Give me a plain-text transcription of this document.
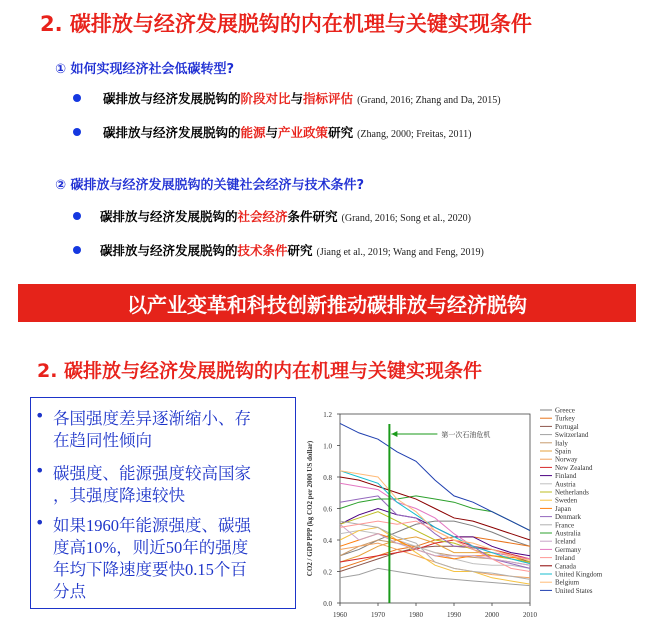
2. 碳排放与经济发展脱钩的内在机理与关键实现条件
① 如何实现经济社会低碳转型?
碳排放与经济发展脱钩的阶段对比与指标评估 (Grand, 2016; Zhang and Da, 2015)
碳排放与经济发展脱钩的能源与产业政策研究 (Zhang, 2000; Freitas, 2011)
② 碳排放与经济发展脱钩的关键社会经济与技术条件?
碳排放与经济发展脱钩的社会经济条件研究 (Grand, 2016; Song et al., 2020)
碳排放与经济发展脱钩的技术条件研究 (Jiang et al., 2019; Wang and Feng, 2019)
以产业变革和科技创新推动碳排放与经济脱钩
2. 碳排放与经济发展脱钩的内在机理与关键实现条件
• 各国强度差异逐渐缩小、存
在趋同性倾向
• 碳强度、能源强度较高国家
，其强度降速较快
• 如果1960年能源强度、碳强
度高10%，则近50年的强度
年均下降速度要快0.15个百
分点
0.0
0.2
0.4
0.6
0.8
1.0
1.2
1960	1970	1980	1990	2000	2010
CO2 / GDP PPP (kg CO2 per 2000 US dollar)
第一次石油危机
Greece
Turkey
Portugal
Switzerland
Italy
Spain
Norway
New Zealand
Finland
Austria
Netherlands
Sweden
Japan
Denmark
France
Australia
Iceland
Germany
Ireland
Canada
United Kingdom
Belgium
United States
